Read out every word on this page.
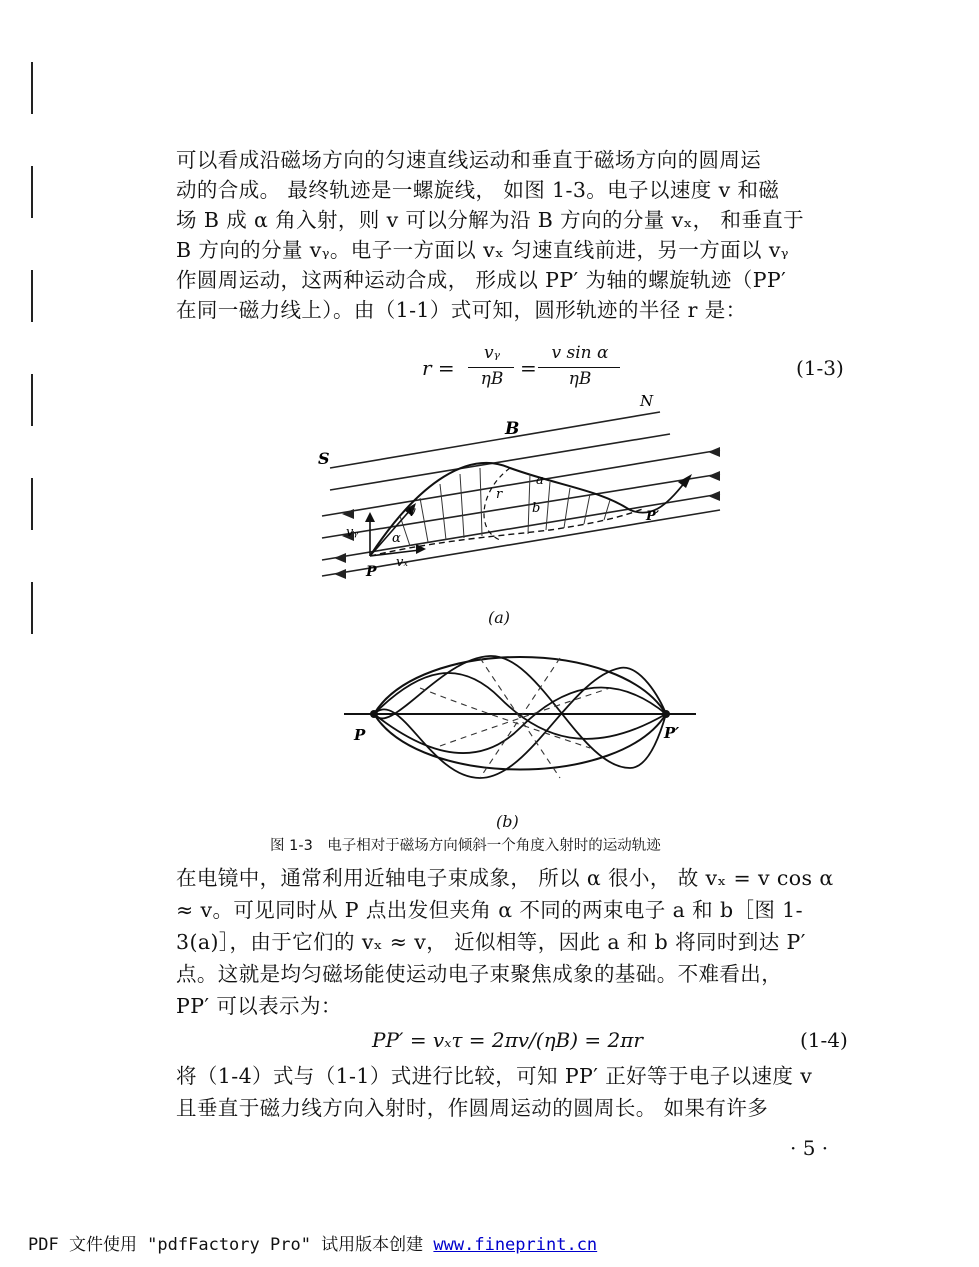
可以看成沿磁场方向的匀速直线运动和垂直于磁场方向的圆周运
动的合成。 最终轨迹是一螺旋线， 如图 1-3。电子以速度 v 和磁
场 B 成 α 角入射，则 v 可以分解为沿 B 方向的分量 vₓ， 和垂直于
B 方向的分量 vᵧ。电子一方面以 vₓ 匀速直线前进，另一方面以 vᵧ
作圆周运动，这两种运动合成， 形成以 PP′ 为轴的螺旋轨迹（PP′
在同一磁力线上）。由（1-1）式可知，圆形轨迹的半径 r 是：
r =
vᵧ
ηB =
v sin α
ηB	(1-3)
N
B
S
a
b
r
v
vᵧ	α
P
vₓ
P′
(a)
P	P′
(b)
图 1-3　电子相对于磁场方向倾斜一个角度入射时的运动轨迹
在电镜中，通常利用近轴电子束成象， 所以 α 很小， 故 vₓ = v cos α
≈ v。可见同时从 P 点出发但夹角 α 不同的两束电子 a 和 b［图 1-
3(a)］，由于它们的 vₓ ≈ v， 近似相等，因此 a 和 b 将同时到达 P′
点。这就是均匀磁场能使运动电子束聚焦成象的基础。不难看出，
PP′ 可以表示为：
PP′ = vₓτ = 2πv/(ηB) = 2πr	(1-4)
将（1-4）式与（1-1）式进行比较，可知 PP′ 正好等于电子以速度 v
且垂直于磁力线方向入射时，作圆周运动的圆周长。 如果有许多
· 5 ·
PDF 文件使用 "pdfFactory Pro" 试用版本创建 www.fineprint.cn
